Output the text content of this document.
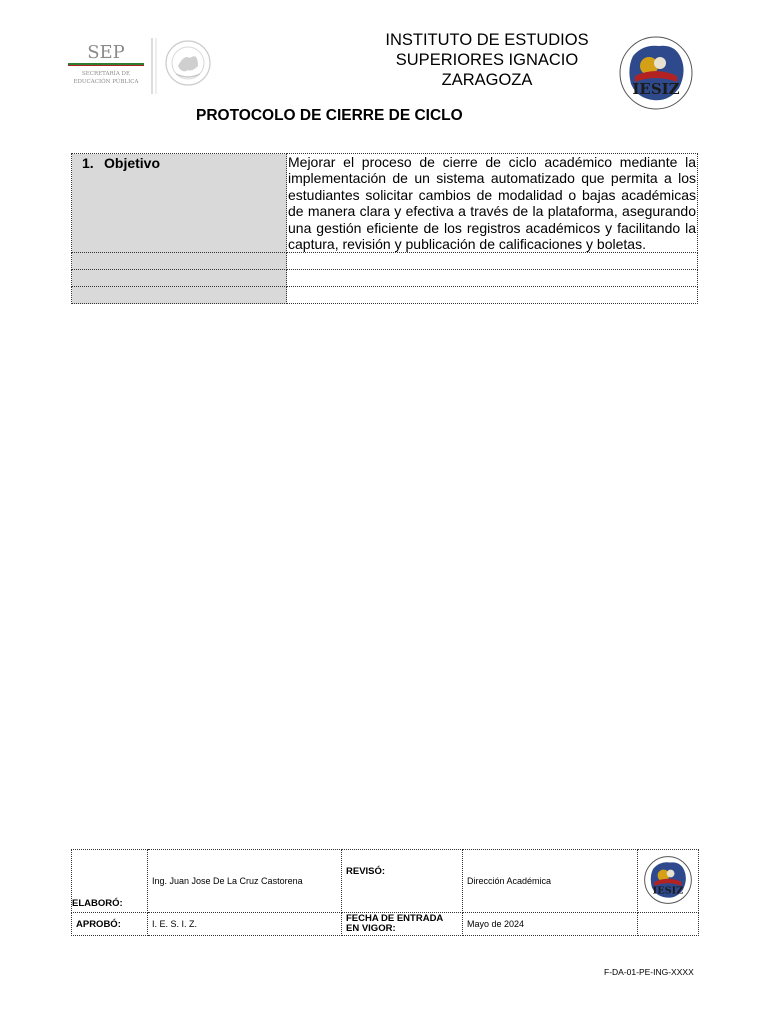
SEP
SECRETARÍA DE
EDUCACIÓN PÚBLICA
INSTITUTO DE ESTUDIOS
SUPERIORES IGNACIO
ZARAGOZA	IESIZ
PROTOCOLO DE CIERRE DE CICLO
1. Objetivo	Mejorar el proceso de cierre de ciclo académico mediante la implementación de un sistema automatizado que permita a los estudiantes solicitar cambios de modalidad o bajas académicas de manera clara y efectiva a través de la plataforma, asegurando una gestión eficiente de los registros académicos y facilitando la captura, revisión y publicación de calificaciones y boletas.

ELABORÓ:	Ing. Juan Jose De La Cruz Castorena	REVISÓ:	Dirección Académica	IESIZ

APROBÓ:	I. E. S. I. Z.	FECHA DE ENTRADA EN VIGOR:	Mayo de 2024	
F-DA-01-PE-ING-XXXX
